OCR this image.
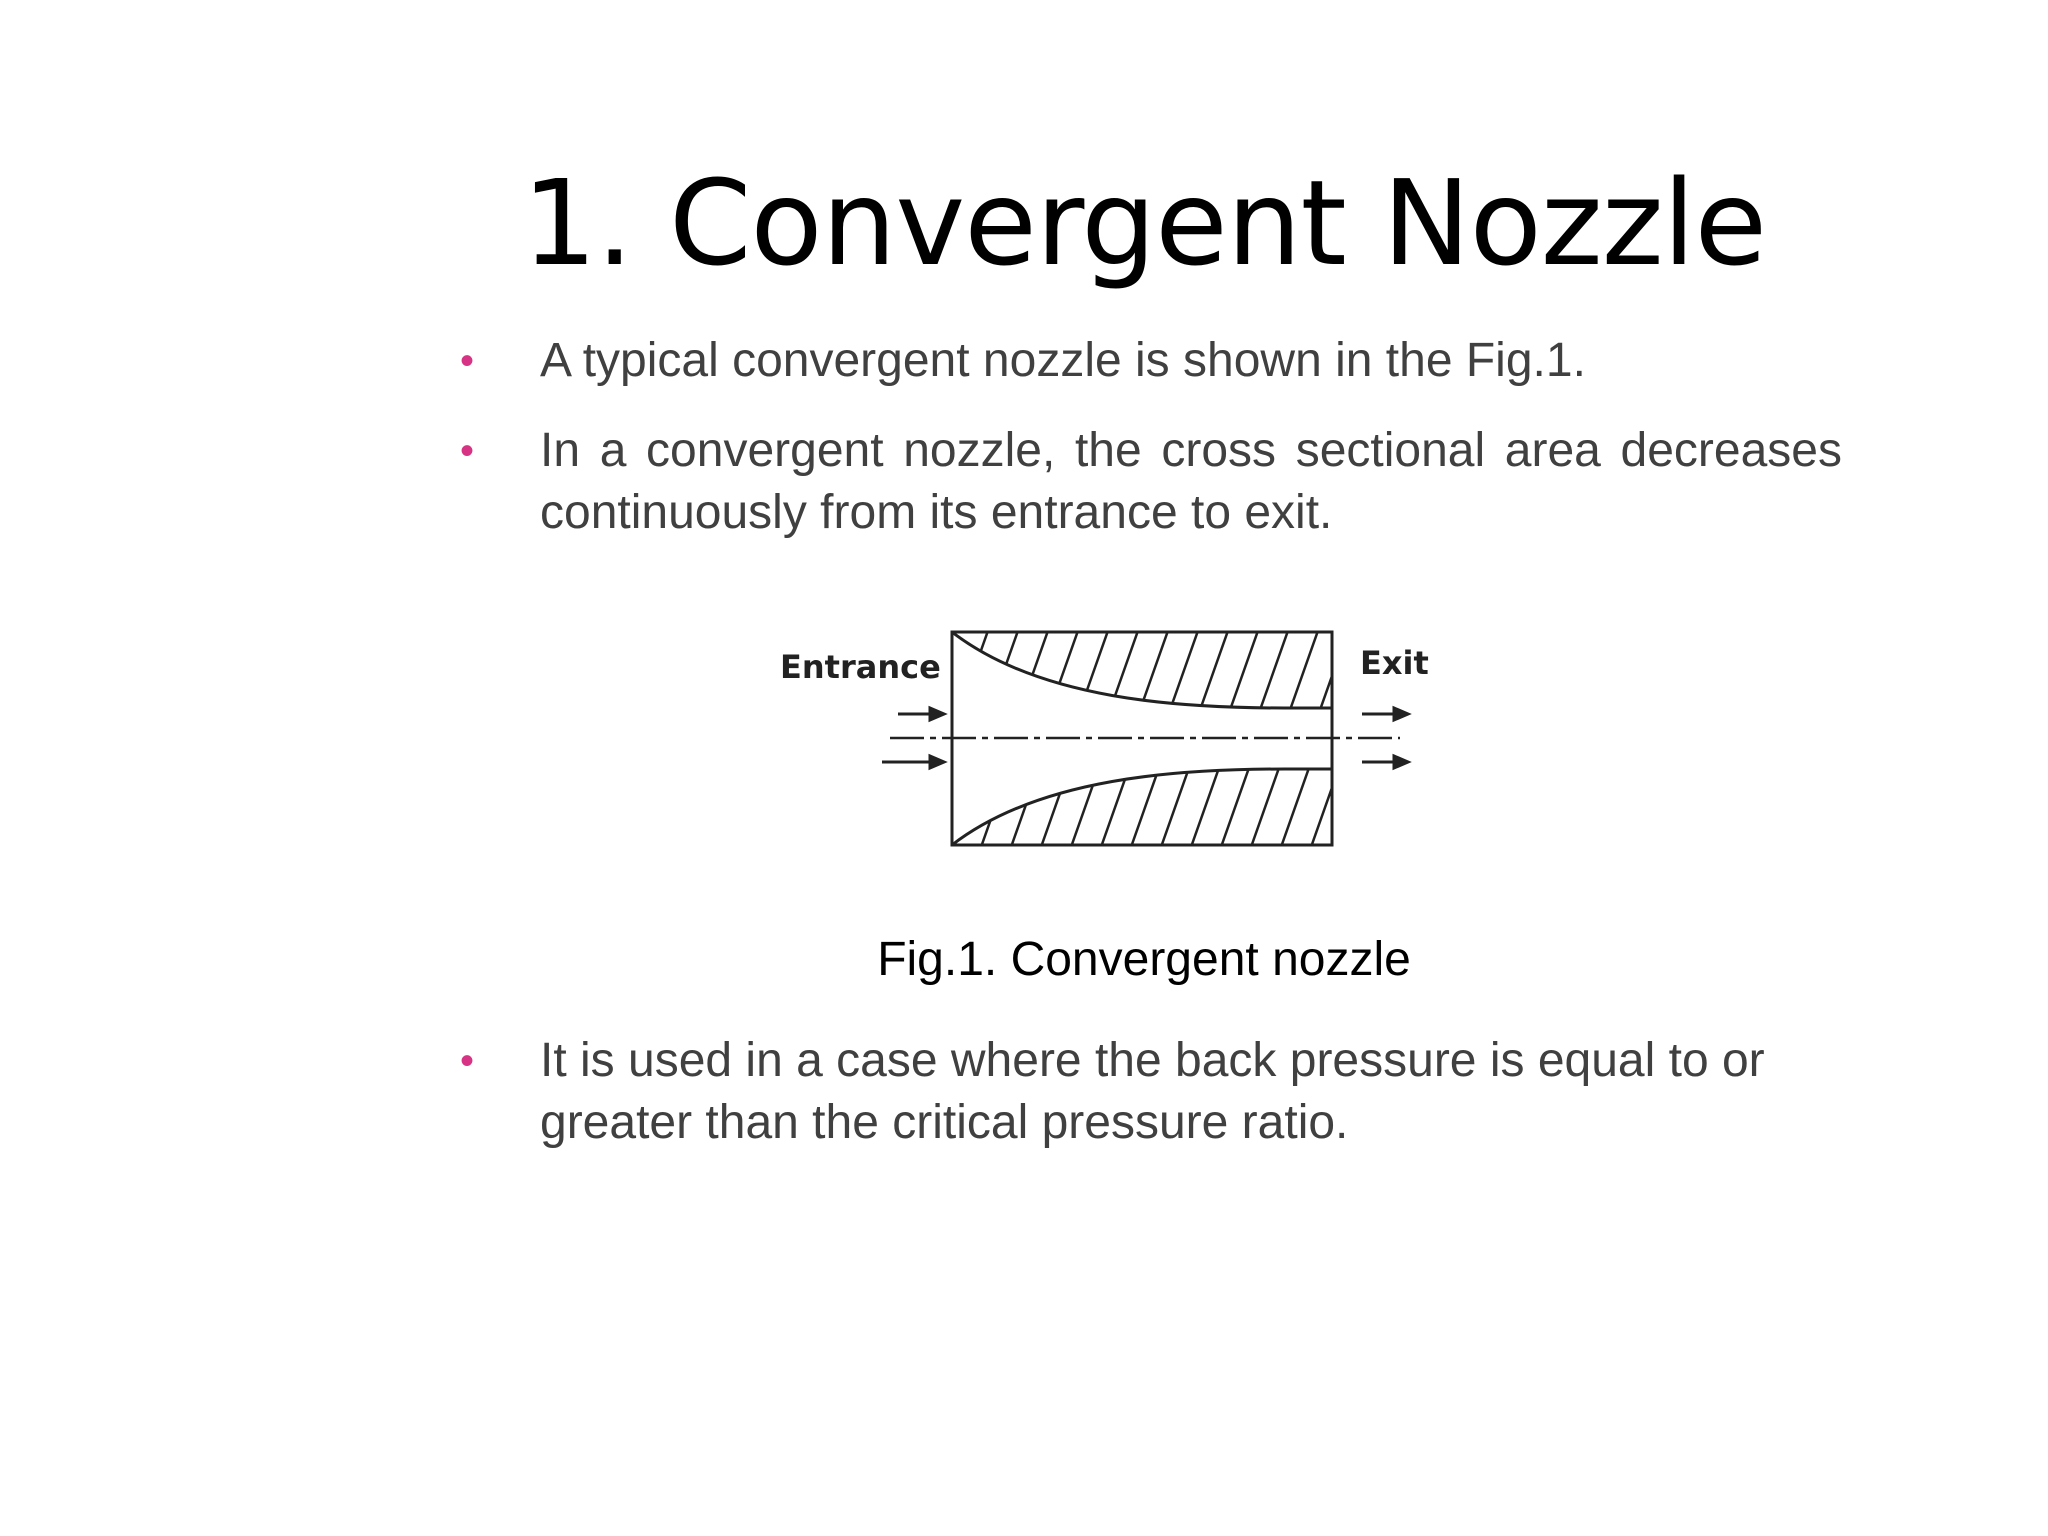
1. Convergent Nozzle
• A typical convergent nozzle is shown in the Fig.1.
• In a convergent nozzle, the cross sectional area decreases continuously from its entrance to exit.
Entrance	Exit
Fig.1. Convergent nozzle
• It is used in a case where the back pressure is equal to or greater than the critical pressure ratio.
